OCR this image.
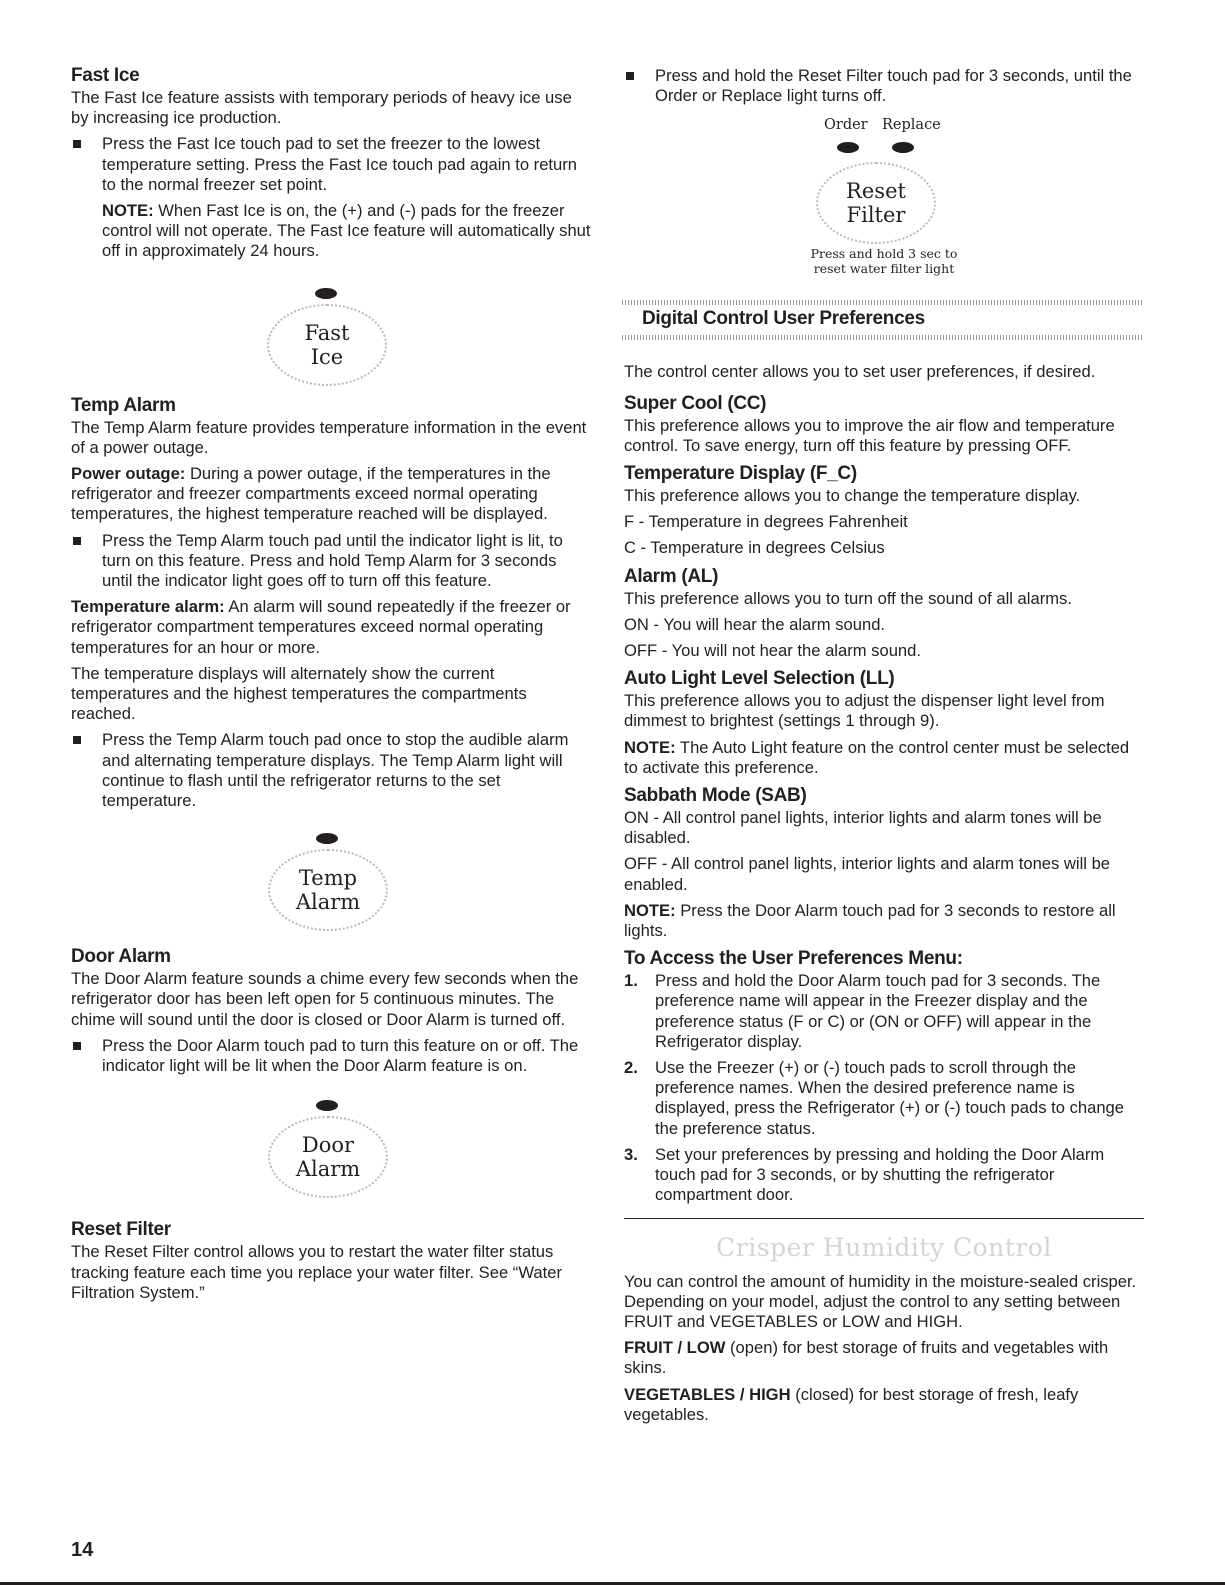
Fast Ice

The Fast Ice feature assists with temporary periods of heavy ice use by increasing ice production.

Press the Fast Ice touch pad to set the freezer to the lowest temperature setting. Press the Fast Ice touch pad again to return to the normal freezer set point.

NOTE: When Fast Ice is on, the (+) and (-) pads for the freezer control will not operate. The Fast Ice feature will automatically shut off in approximately 24 hours.

Fast
Ice
Temp Alarm

The Temp Alarm feature provides temperature information in the event of a power outage.

Power outage: During a power outage, if the temperatures in the refrigerator and freezer compartments exceed normal operating temperatures, the highest temperature reached will be displayed.

Press the Temp Alarm touch pad until the indicator light is lit, to turn on this feature. Press and hold Temp Alarm for 3 seconds until the indicator light goes off to turn off this feature.

Temperature alarm: An alarm will sound repeatedly if the freezer or refrigerator compartment temperatures exceed normal operating temperatures for an hour or more.

The temperature displays will alternately show the current temperatures and the highest temperatures the compartments reached.

Press the Temp Alarm touch pad once to stop the audible alarm and alternating temperature displays. The Temp Alarm light will continue to flash until the refrigerator returns to the set temperature.
Temp
Alarm
Door Alarm

The Door Alarm feature sounds a chime every few seconds when the refrigerator door has been left open for 5 continuous minutes. The chime will sound until the door is closed or Door Alarm is turned off.

Press the Door Alarm touch pad to turn this feature on or off. The indicator light will be lit when the Door Alarm feature is on.
Door
Alarm
Reset Filter

The Reset Filter control allows you to restart the water filter status tracking feature each time you replace your water filter. See “Water Filtration System.”

Press and hold the Reset Filter touch pad for 3 seconds, until the Order or Replace light turns off.
Order Replace
Reset
Filter
Press and hold 3 sec to
reset water filter light
Digital Control User Preferences

The control center allows you to set user preferences, if desired.

Super Cool (CC)

This preference allows you to improve the air flow and temperature control. To save energy, turn off this feature by pressing OFF.

Temperature Display (F_C)

This preference allows you to change the temperature display.

F - Temperature in degrees Fahrenheit

C - Temperature in degrees Celsius

Alarm (AL)

This preference allows you to turn off the sound of all alarms.

ON - You will hear the alarm sound.

OFF - You will not hear the alarm sound.

Auto Light Level Selection (LL)

This preference allows you to adjust the dispenser light level from dimmest to brightest (settings 1 through 9).

NOTE: The Auto Light feature on the control center must be selected to activate this preference.

Sabbath Mode (SAB)

ON - All control panel lights, interior lights and alarm tones will be disabled.

OFF - All control panel lights, interior lights and alarm tones will be enabled.

NOTE: Press the Door Alarm touch pad for 3 seconds to restore all lights.

To Access the User Preferences Menu:
1. Press and hold the Door Alarm touch pad for 3 seconds. The preference name will appear in the Freezer display and the preference status (F or C) or (ON or OFF) will appear in the Refrigerator display.
2. Use the Freezer (+) or (-) touch pads to scroll through the preference names. When the desired preference name is displayed, press the Refrigerator (+) or (-) touch pads to change the preference status.
3. Set your preferences by pressing and holding the Door Alarm touch pad for 3 seconds, or by shutting the refrigerator compartment door.
Crisper Humidity Control

You can control the amount of humidity in the moisture-sealed crisper. Depending on your model, adjust the control to any setting between FRUIT and VEGETABLES or LOW and HIGH.

FRUIT / LOW (open) for best storage of fruits and vegetables with skins.

VEGETABLES / HIGH (closed) for best storage of fresh, leafy vegetables.

14
